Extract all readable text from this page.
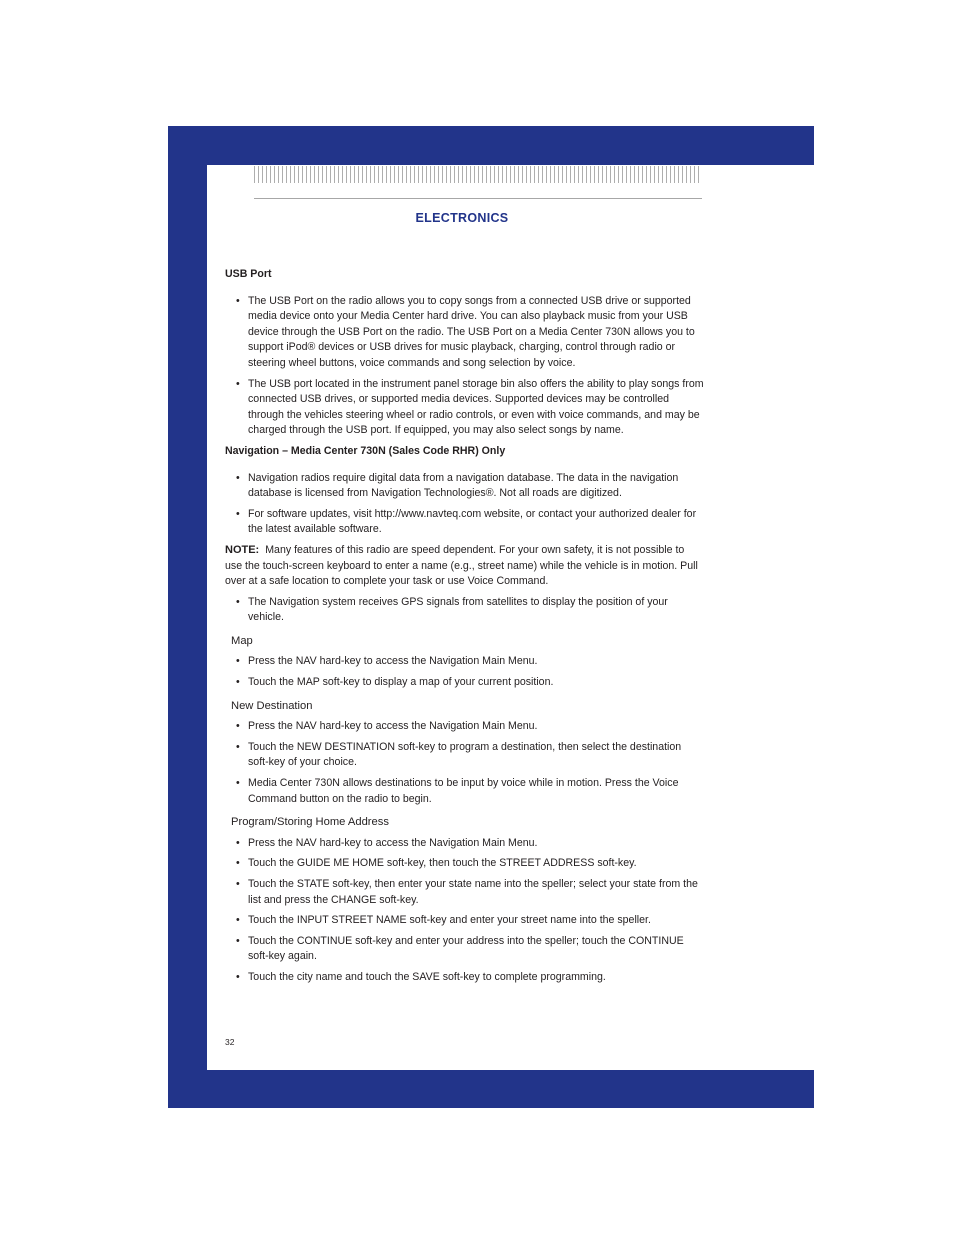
ELECTRONICS
USB Port
• The USB Port on the radio allows you to copy songs from a connected USB drive or supported media device onto your Media Center hard drive. You can also playback music from your USB device through the USB Port on the radio. The USB Port on a Media Center 730N allows you to support iPod® devices or USB drives for music playback, charging, control through radio or steering wheel buttons, voice commands and song selection by voice.
• The USB port located in the instrument panel storage bin also offers the ability to play songs from connected USB drives, or supported media devices. Supported devices may be controlled through the vehicles steering wheel or radio controls, or even with voice commands, and may be charged through the USB port. If equipped, you may also select songs by name.
Navigation – Media Center 730N (Sales Code RHR) Only
• Navigation radios require digital data from a navigation database. The data in the navigation database is licensed from Navigation Technologies®. Not all roads are digitized.
• For software updates, visit http://www.navteq.com website, or contact your authorized dealer for the latest available software.
NOTE: Many features of this radio are speed dependent. For your own safety, it is not possible to use the touch-screen keyboard to enter a name (e.g., street name) while the vehicle is in motion. Pull over at a safe location to complete your task or use Voice Command.
• The Navigation system receives GPS signals from satellites to display the position of your vehicle.
Map
• Press the NAV hard-key to access the Navigation Main Menu.
• Touch the MAP soft-key to display a map of your current position.
New Destination
• Press the NAV hard-key to access the Navigation Main Menu.
• Touch the NEW DESTINATION soft-key to program a destination, then select the destination soft-key of your choice.
• Media Center 730N allows destinations to be input by voice while in motion. Press the Voice Command button on the radio to begin.
Program/Storing Home Address
• Press the NAV hard-key to access the Navigation Main Menu.
• Touch the GUIDE ME HOME soft-key, then touch the STREET ADDRESS soft-key.
• Touch the STATE soft-key, then enter your state name into the speller; select your state from the list and press the CHANGE soft-key.
• Touch the INPUT STREET NAME soft-key and enter your street name into the speller.
• Touch the CONTINUE soft-key and enter your address into the speller; touch the CONTINUE soft-key again.
• Touch the city name and touch the SAVE soft-key to complete programming.
32
